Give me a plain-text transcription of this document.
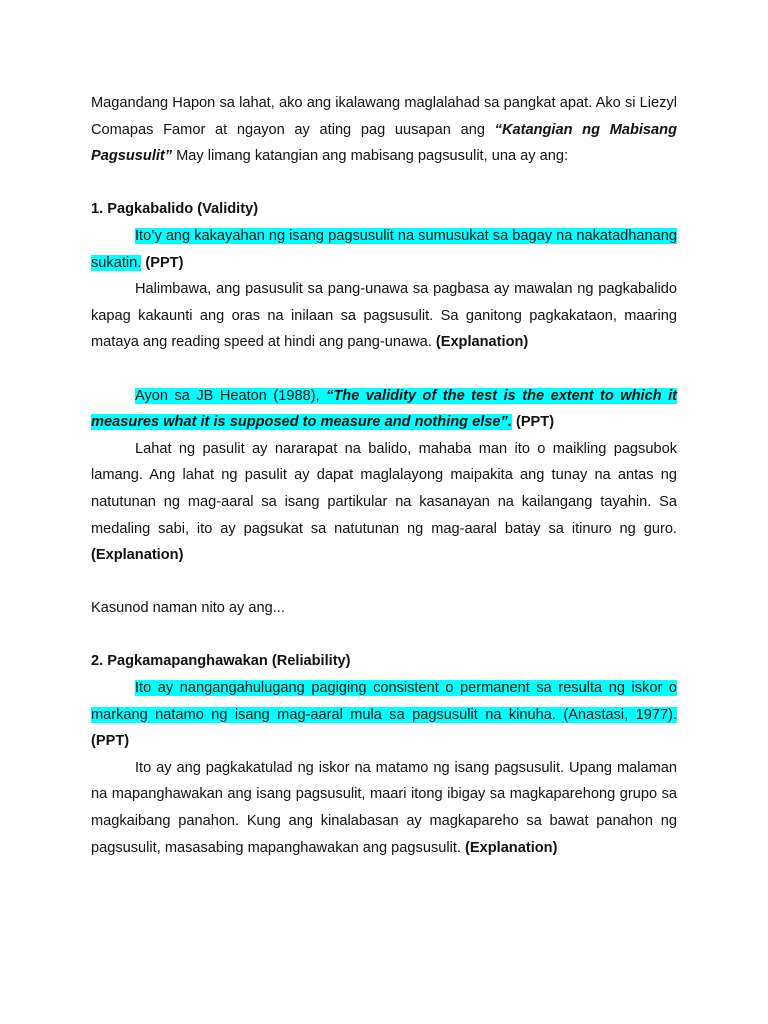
Magandang Hapon sa lahat, ako ang ikalawang maglalahad sa pangkat apat. Ako si Liezyl Comapas Famor at ngayon ay ating pag uusapan ang “Katangian ng Mabisang Pagsusulit” May limang katangian ang mabisang pagsusulit, una ay ang:

1. Pagkabalido (Validity)

Ito’y ang kakayahan ng isang pagsusulit na sumusukat sa bagay na nakatadhanang sukatin. (PPT)

Halimbawa, ang pasusulit sa pang-unawa sa pagbasa ay mawalan ng pagkabalido kapag kakaunti ang oras na inilaan sa pagsusulit. Sa ganitong pagkakataon, maaring mataya ang reading speed at hindi ang pang-unawa. (Explanation)

Ayon sa JB Heaton (1988), “The validity of the test is the extent to which it measures what it is supposed to measure and nothing else”. (PPT)

Lahat ng pasulit ay nararapat na balido, mahaba man ito o maikling pagsubok lamang. Ang lahat ng pasulit ay dapat maglalayong maipakita ang tunay na antas ng natutunan ng mag-aaral sa isang partikular na kasanayan na kailangang tayahin. Sa medaling sabi, ito ay pagsukat sa natutunan ng mag-aaral batay sa itinuro ng guro. (Explanation)

Kasunod naman nito ay ang...

2. Pagkamapanghawakan (Reliability)

Ito ay nangangahulugang pagiging consistent o permanent sa resulta ng iskor o markang natamo ng isang mag-aaral mula sa pagsusulit na kinuha. (Anastasi, 1977). (PPT)

Ito ay ang pagkakatulad ng iskor na matamo ng isang pagsusulit. Upang malaman na mapanghawakan ang isang pagsusulit, maari itong ibigay sa magkaparehong grupo sa magkaibang panahon. Kung ang kinalabasan ay magkapareho sa bawat panahon ng pagsusulit, masasabing mapanghawakan ang pagsusulit. (Explanation)
